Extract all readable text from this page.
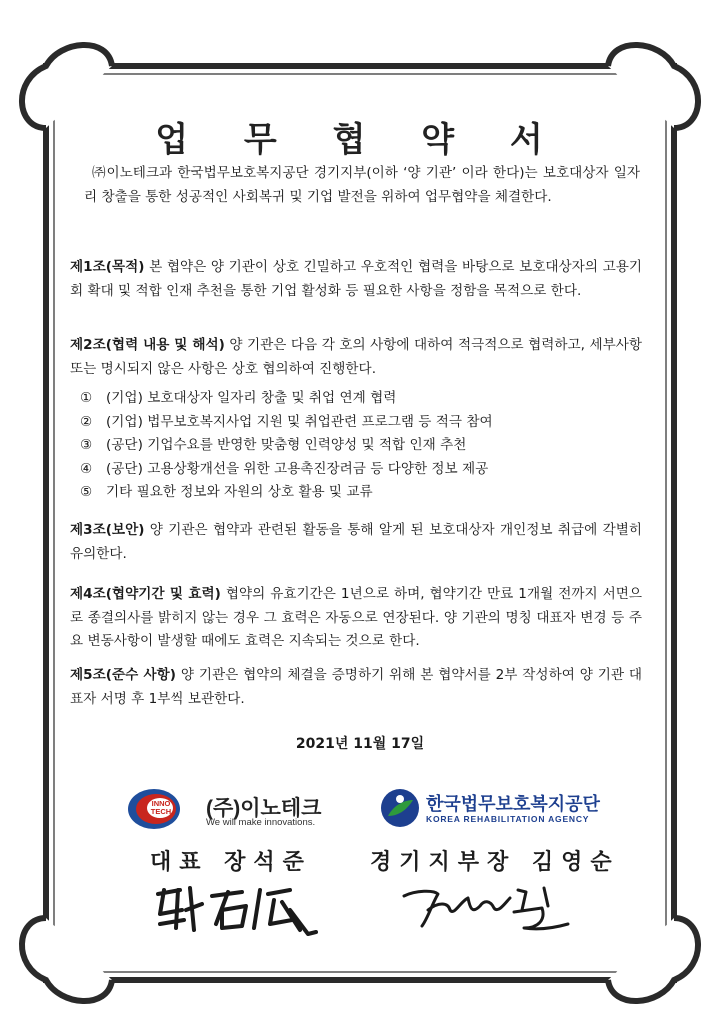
업 무 협 약 서

㈜이노테크과 한국법무보호복지공단 경기지부(이하 ‘양 기관’ 이라 한다)는 보호대상자 일자리 창출을 통한 성공적인 사회복귀 및 기업 발전을 위하여 업무협약을 체결한다.

제1조(목적) 본 협약은 양 기관이 상호 긴밀하고 우호적인 협력을 바탕으로 보호대상자의 고용기회 확대 및 적합 인재 추천을 통한 기업 활성화 등 필요한 사항을 정함을 목적으로 한다.

제2조(협력 내용 및 해석) 양 기관은 다음 각 호의 사항에 대하여 적극적으로 협력하고, 세부사항 또는 명시되지 않은 사항은 상호 협의하여 진행한다.

① (기업) 보호대상자 일자리 창출 및 취업 연계 협력
② (기업) 법무보호복지사업 지원 및 취업관련 프로그램 등 적극 참여
③ (공단) 기업수요를 반영한 맞춤형 인력양성 및 적합 인재 추천
④ (공단) 고용상황개선을 위한 고용촉진장려금 등 다양한 정보 제공
⑤ 기타 필요한 정보와 자원의 상호 활용 및 교류

제3조(보안) 양 기관은 협약과 관련된 활동을 통해 알게 된 보호대상자 개인정보 취급에 각별히 유의한다.

제4조(협약기간 및 효력) 협약의 유효기간은 1년으로 하며, 협약기간 만료 1개월 전까지 서면으로 종결의사를 밝히지 않는 경우 그 효력은 자동으로 연장된다. 양 기관의 명칭 대표자 변경 등 주요 변동사항이 발생할 때에도 효력은 지속되는 것으로 한다.

제5조(준수 사항) 양 기관은 협약의 체결을 증명하기 위해 본 협약서를 2부 작성하여 양 기관 대표자 서명 후 1부씩 보관한다.

2021년 11월 17일
INNO
TECH (주)이노테크
We will make innovations.
한국법무보호복지공단
KOREA REHABILITATION AGENCY
대표 장석준	경기지부장 김영순
